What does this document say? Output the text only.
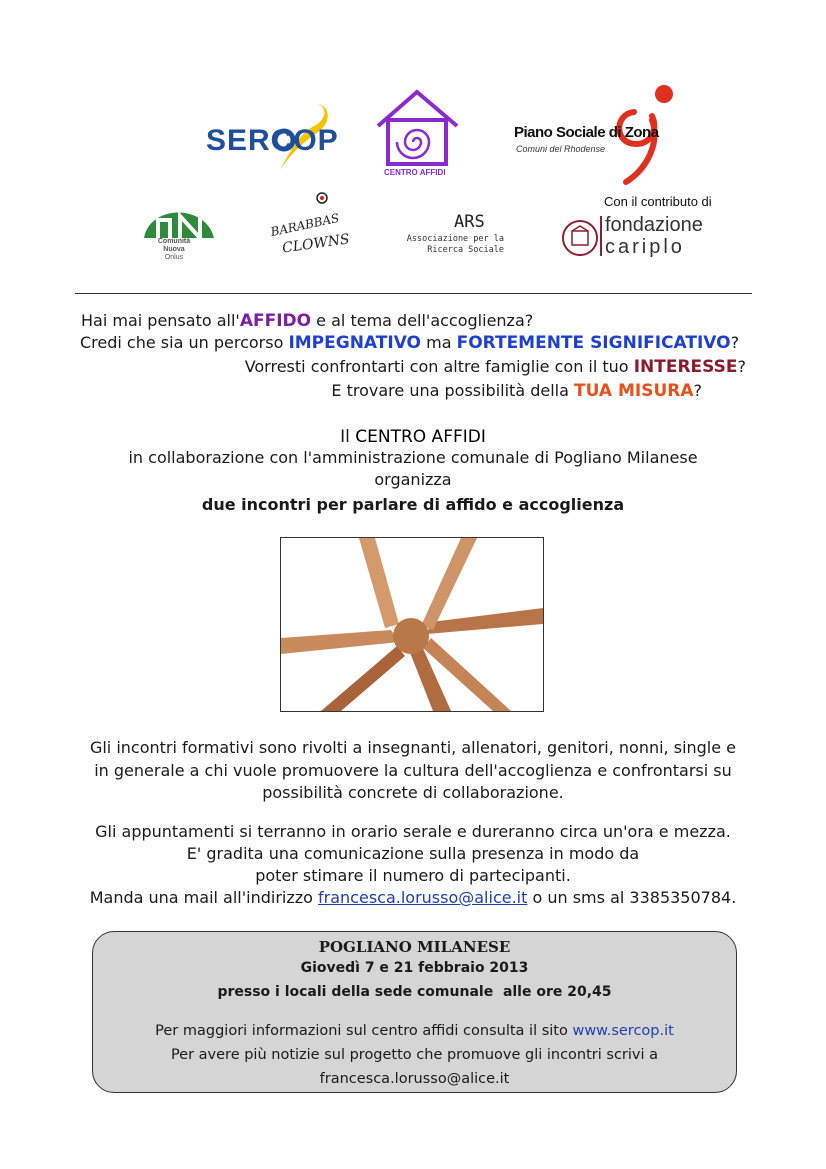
SERCOP
CENTRO AFFIDI
Piano Sociale di Zona
Comuni del Rhodense
Comunità
Nuova
Onlus
BARABBAS
CLOWNS
ARS
Associazione per la
Ricerca Sociale
Con il contributo di
fondazione
cariplo
Hai mai pensato all'AFFIDO e al tema dell'accoglienza?
Credi che sia un percorso IMPEGNATIVO ma FORTEMENTE SIGNIFICATIVO?
Vorresti confrontarti con altre famiglie con il tuo INTERESSE?
E trovare una possibilità della TUA MISURA?
Il CENTRO AFFIDI
in collaborazione con l'amministrazione comunale di Pogliano Milanese
organizza
due incontri per parlare di affido e accoglienza
Gli incontri formativi sono rivolti a insegnanti, allenatori, genitori, nonni, single e
in generale a chi vuole promuovere la cultura dell'accoglienza e confrontarsi su
possibilità concrete di collaborazione.
Gli appuntamenti si terranno in orario serale e dureranno circa un'ora e mezza.
E' gradita una comunicazione sulla presenza in modo da
poter stimare il numero di partecipanti.
Manda una mail all'indirizzo francesca.lorusso@alice.it o un sms al 3385350784.
POGLIANO MILANESE
Giovedì 7 e 21 febbraio 2013
presso i locali della sede comunale  alle ore 20,45
Per maggiori informazioni sul centro affidi consulta il sito www.sercop.it
Per avere più notizie sul progetto che promuove gli incontri scrivi a
francesca.lorusso@alice.it
